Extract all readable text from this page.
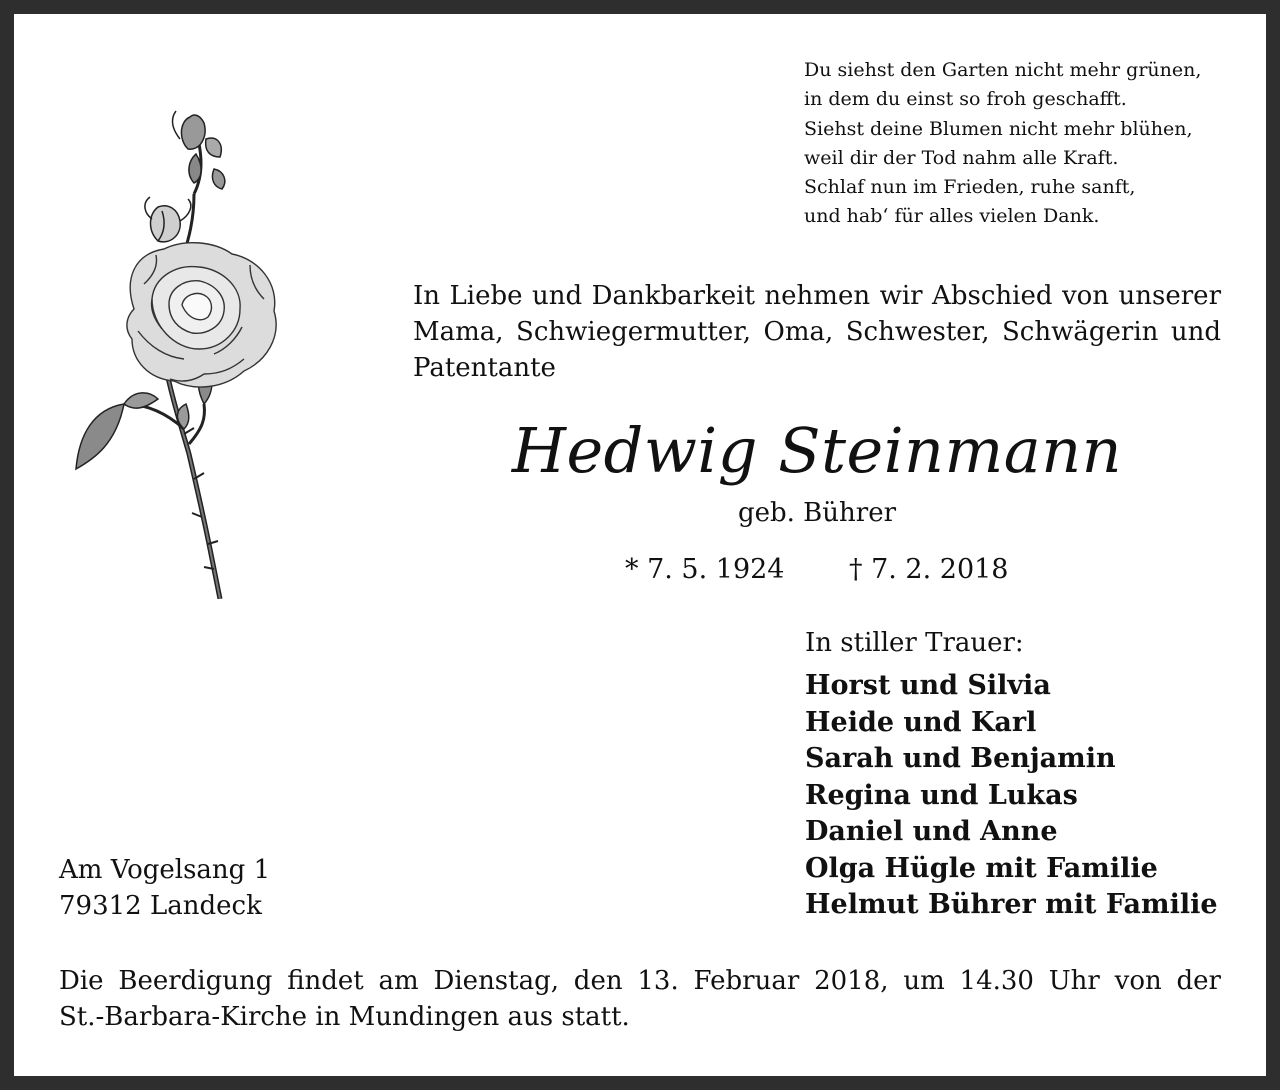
Du siehst den Garten nicht mehr grünen,
in dem du einst so froh geschafft.
Siehst deine Blumen nicht mehr blühen,
weil dir der Tod nahm alle Kraft.
Schlaf nun im Frieden, ruhe sanft,
und hab‘ für alles vielen Dank.
In Liebe und Dankbarkeit nehmen wir Abschied von unserer
Mama, Schwiegermutter, Oma, Schwester, Schwägerin und
Patentante
Hedwig Steinmann
geb. Bührer
* 7. 5. 1924 † 7. 2. 2018
In stiller Trauer:
Horst und Silvia
Heide und Karl
Sarah und Benjamin
Regina und Lukas
Daniel und Anne
Olga Hügle mit Familie
Helmut Bührer mit Familie
Am Vogelsang 1
79312 Landeck
Die Beerdigung findet am Dienstag, den 13. Februar 2018, um 14.30 Uhr von der
St.-Barbara-Kirche in Mundingen aus statt.
